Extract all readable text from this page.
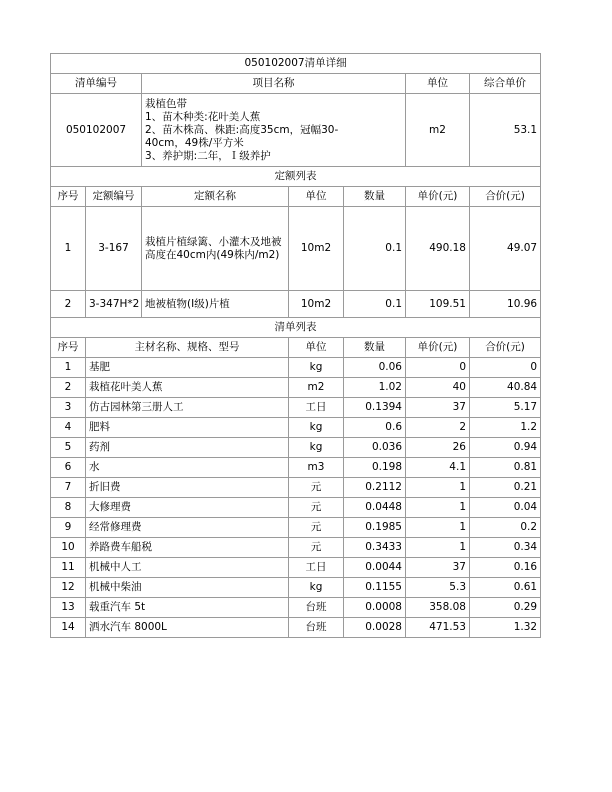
050102007清单详细						
清单编号		项目名称			单位	综合单价
050102007		栽植色带
1、苗木种类:花叶美人蕉
2、苗木株高、株距:高度35cm，冠幅30-
40cm，49株/平方米
3、养护期:二年，Ｉ级养护			m2	53.1
定额列表						
序号	定额编号	定额名称	单位	数量	单价(元)	合价(元)
1	3-167	栽植片植绿篱、小灌木及地被高度在40cm内(49株内/m2)	10m2	0.1	490.18	49.07
2	3-347H*2	地被植物(Ⅰ级)片植	10m2	0.1	109.51	10.96
清单列表						
序号	主材名称、规格、型号		单位	数量	单价(元)	合价(元)
1	基肥		kg	0.06	0	0
2	栽植花叶美人蕉		m2	1.02	40	40.84
3	仿古园林第三册人工		工日	0.1394	37	5.17
4	肥料		kg	0.6	2	1.2
5	药剂		kg	0.036	26	0.94
6	水		m3	0.198	4.1	0.81
7	折旧费		元	0.2112	1	0.21
8	大修理费		元	0.0448	1	0.04
9	经常修理费		元	0.1985	1	0.2
10	养路费车船税		元	0.3433	1	0.34
11	机械中人工		工日	0.0044	37	0.16
12	机械中柴油		kg	0.1155	5.3	0.61
13	载重汽车 5t		台班	0.0008	358.08	0.29
14	洒水汽车 8000L		台班	0.0028	471.53	1.32
